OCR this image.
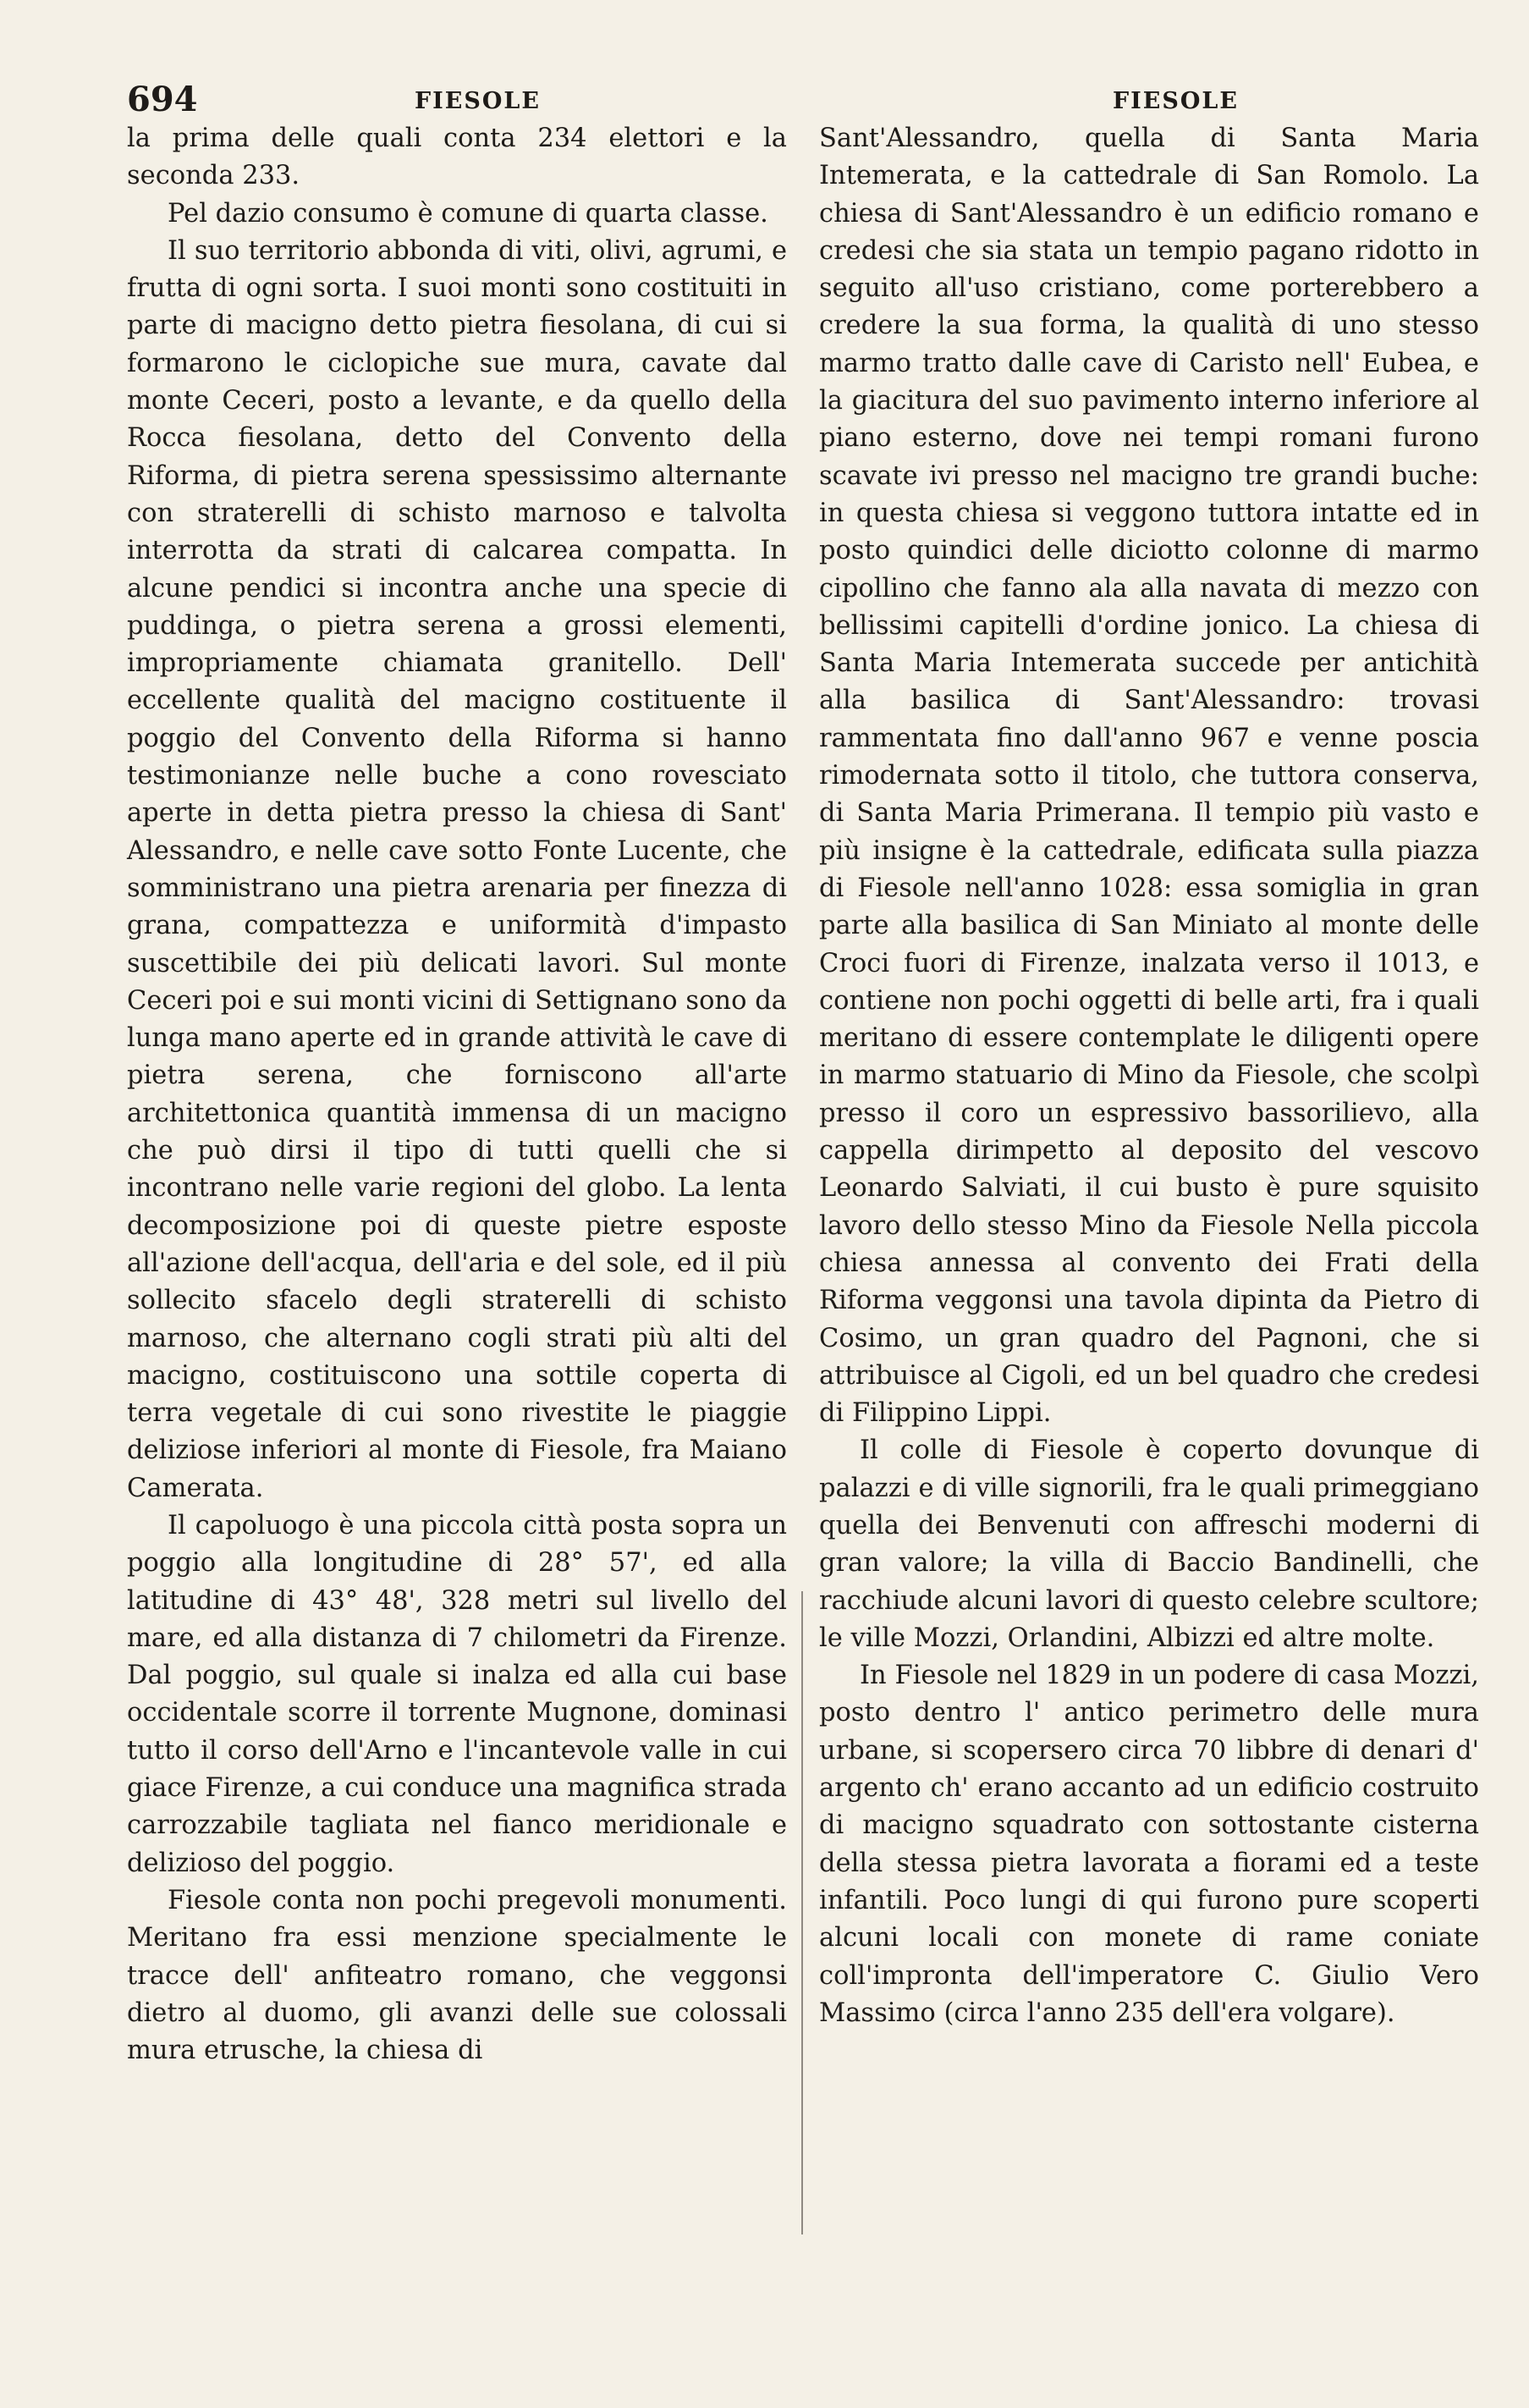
694	FIESOLE	FIESOLE

la prima delle quali conta 234 elettori e la seconda 233.

Pel dazio consumo è comune di quarta classe.

Il suo territorio abbonda di viti, olivi, agrumi, e frutta di ogni sorta. I suoi monti sono costituiti in parte di macigno detto pietra fiesolana, di cui si formarono le ciclopiche sue mura, cavate dal monte Ceceri, posto a levante, e da quello della Rocca fiesolana, detto del Convento della Riforma, di pietra serena spessissimo alternante con straterelli di schisto marnoso e talvolta interrotta da strati di calcarea compatta. In alcune pendici si incontra anche una specie di puddinga, o pietra serena a grossi elementi, impropriamente chiamata granitello. Dell' eccellente qualità del macigno costituente il poggio del Convento della Riforma si hanno testimonianze nelle buche a cono rovesciato aperte in detta pietra presso la chiesa di Sant' Alessandro, e nelle cave sotto Fonte Lucente, che somministrano una pietra arenaria per finezza di grana, compattezza e uniformità d'impasto suscettibile dei più delicati lavori. Sul monte Ceceri poi e sui monti vicini di Settignano sono da lunga mano aperte ed in grande attività le cave di pietra serena, che forniscono all'arte architettonica quantità immensa di un macigno che può dirsi il tipo di tutti quelli che si incontrano nelle varie regioni del globo. La lenta decomposizione poi di queste pietre esposte all'azione dell'acqua, dell'aria e del sole, ed il più sollecito sfacelo degli straterelli di schisto marnoso, che alternano cogli strati più alti del macigno, costituiscono una sottile coperta di terra vegetale di cui sono rivestite le piaggie deliziose inferiori al monte di Fiesole, fra Maiano Camerata.

Il capoluogo è una piccola città posta sopra un poggio alla longitudine di 28° 57', ed alla latitudine di 43° 48', 328 metri sul livello del mare, ed alla distanza di 7 chilometri da Firenze. Dal poggio, sul quale si inalza ed alla cui base occidentale scorre il torrente Mugnone, dominasi tutto il corso dell'Arno e l'incantevole valle in cui giace Firenze, a cui conduce una magnifica strada carrozzabile tagliata nel fianco meridionale e delizioso del poggio.

Fiesole conta non pochi pregevoli monumenti. Meritano fra essi menzione specialmente le tracce dell' anfiteatro romano, che veggonsi dietro al duomo, gli avanzi delle sue colossali mura etrusche, la chiesa di

Sant'Alessandro, quella di Santa Maria Intemerata, e la cattedrale di San Romolo. La chiesa di Sant'Alessandro è un edificio romano e credesi che sia stata un tempio pagano ridotto in seguito all'uso cristiano, come porterebbero a credere la sua forma, la qualità di uno stesso marmo tratto dalle cave di Caristo nell' Eubea, e la giacitura del suo pavimento interno inferiore al piano esterno, dove nei tempi romani furono scavate ivi presso nel macigno tre grandi buche: in questa chiesa si veggono tuttora intatte ed in posto quindici delle diciotto colonne di marmo cipollino che fanno ala alla navata di mezzo con bellissimi capitelli d'ordine jonico. La chiesa di Santa Maria Intemerata succede per antichità alla basilica di Sant'Alessandro: trovasi rammentata fino dall'anno 967 e venne poscia rimodernata sotto il titolo, che tuttora conserva, di Santa Maria Primerana. Il tempio più vasto e più insigne è la cattedrale, edificata sulla piazza di Fiesole nell'anno 1028: essa somiglia in gran parte alla basilica di San Miniato al monte delle Croci fuori di Firenze, inalzata verso il 1013, e contiene non pochi oggetti di belle arti, fra i quali meritano di essere contemplate le diligenti opere in marmo statuario di Mino da Fiesole, che scolpì presso il coro un espressivo bassorilievo, alla cappella dirimpetto al deposito del vescovo Leonardo Salviati, il cui busto è pure squisito lavoro dello stesso Mino da Fiesole Nella piccola chiesa annessa al convento dei Frati della Riforma veggonsi una tavola dipinta da Pietro di Cosimo, un gran quadro del Pagnoni, che si attribuisce al Cigoli, ed un bel quadro che credesi di Filippino Lippi.

Il colle di Fiesole è coperto dovunque di palazzi e di ville signorili, fra le quali primeggiano quella dei Benvenuti con affreschi moderni di gran valore; la villa di Baccio Bandinelli, che racchiude alcuni lavori di questo celebre scultore; le ville Mozzi, Orlandini, Albizzi ed altre molte.

In Fiesole nel 1829 in un podere di casa Mozzi, posto dentro l' antico perimetro delle mura urbane, si scopersero circa 70 libbre di denari d' argento ch' erano accanto ad un edificio costruito di macigno squadrato con sottostante cisterna della stessa pietra lavorata a fiorami ed a teste infantili. Poco lungi di qui furono pure scoperti alcuni locali con monete di rame coniate coll'impronta dell'imperatore C. Giulio Vero Massimo (circa l'anno 235 dell'era volgare).
